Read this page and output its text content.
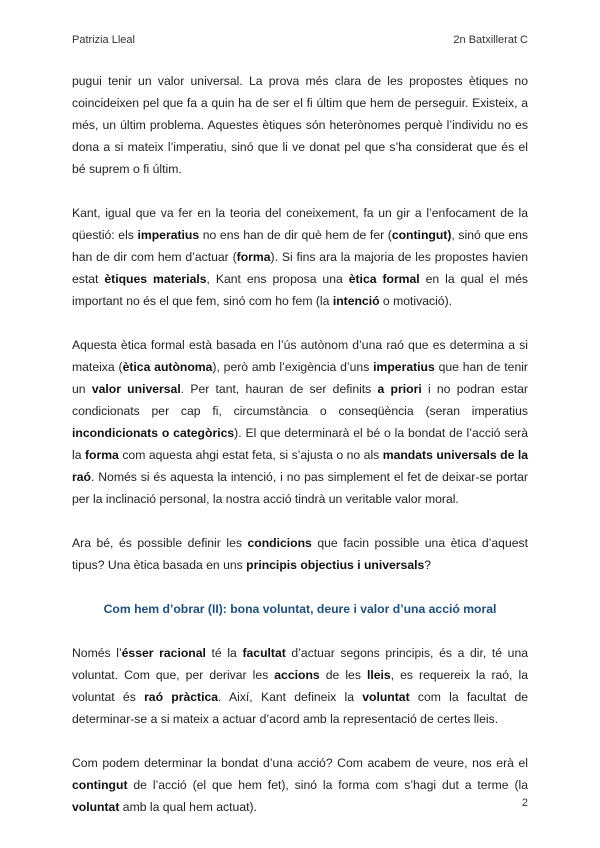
Patrizia Lleal	2n Batxillerat C

pugui tenir un valor universal. La prova més clara de les propostes ètiques no coincideixen pel que fa a quin ha de ser el fi últim que hem de perseguir. Existeix, a més, un últim problema. Aquestes ètiques són heterònomes perquè l’individu no es dona a si mateix l’imperatiu, sinó que li ve donat pel que s’ha considerat que és el bé suprem o fi últim.

Kant, igual que va fer en la teoria del coneixement, fa un gir a l’enfocament de la qüestió: els imperatius no ens han de dir què hem de fer (contingut), sinó que ens han de dir com hem d’actuar (forma). Si fins ara la majoria de les propostes havien estat ètiques materials, Kant ens proposa una ètica formal en la qual el més important no és el que fem, sinó com ho fem (la intenció o motivació).

Aquesta ètica formal està basada en l’ús autònom d’una raó que es determina a si mateixa (ètica autònoma), però amb l’exigència d’uns imperatius que han de tenir un valor universal. Per tant, hauran de ser definits a priori i no podran estar condicionats per cap fi, circumstància o conseqüència (seran imperatius incondicionats o categòrics). El que determinarà el bé o la bondat de l’acció serà la forma com aquesta ahgi estat feta, si s’ajusta o no als mandats universals de la raó. Només si és aquesta la intenció, i no pas simplement el fet de deixar-se portar per la inclinació personal, la nostra acció tindrà un veritable valor moral.

Ara bé, és possible definir les condicions que facin possible una ètica d’aquest tipus? Una ètica basada en uns principis objectius i universals?

Com hem d’obrar (II): bona voluntat, deure i valor d’una acció moral

Només l’ésser racional té la facultat d’actuar segons principis, és a dir, té una voluntat. Com que, per derivar les accions de les lleis, es requereix la raó, la voluntat és raó pràctica. Així, Kant defineix la voluntat com la facultat de determinar-se a si mateix a actuar d’acord amb la representació de certes lleis.

Com podem determinar la bondat d’una acció? Com acabem de veure, nos erà el contingut de l’acció (el que hem fet), sinó la forma com s’hagi dut a terme (la voluntat amb la qual hem actuat).	2
